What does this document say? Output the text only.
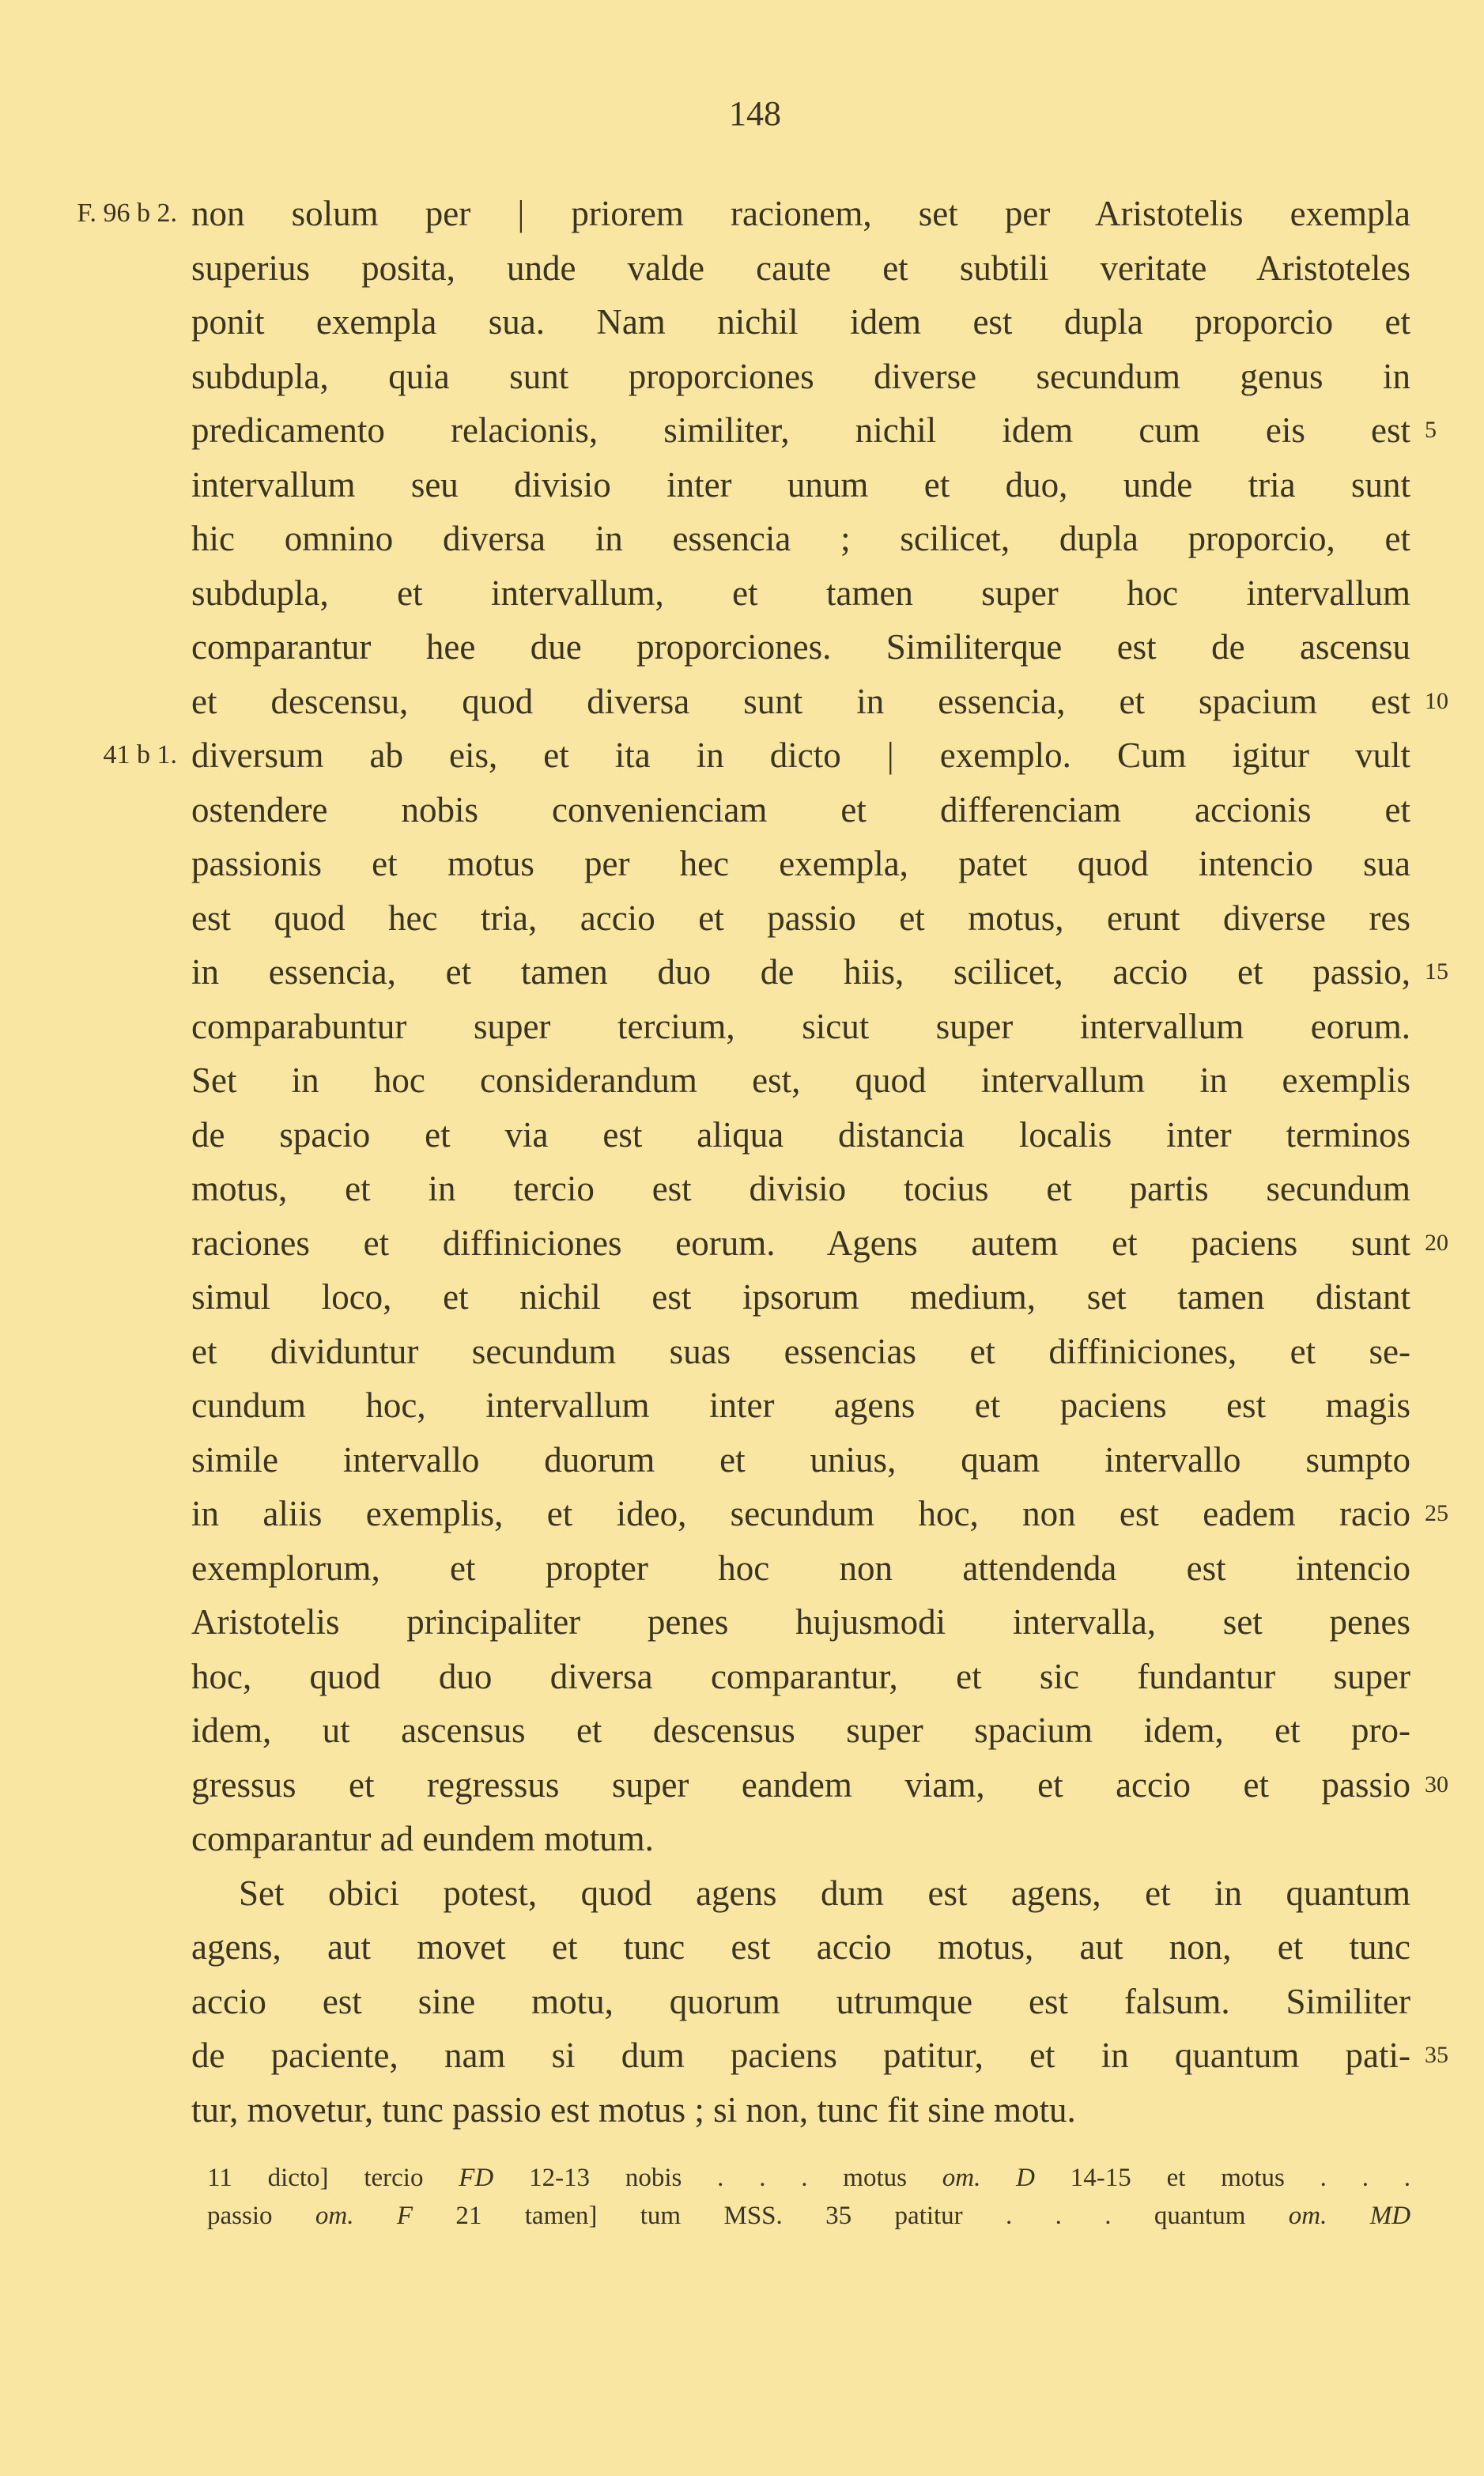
148
non solum per | priorem racionem, set per Aristotelis exempla
F. 96 b 2.
superius posita, unde valde caute et subtili veritate Aristoteles
ponit exempla sua. Nam nichil idem est dupla proporcio et
subdupla, quia sunt proporciones diverse secundum genus in
predicamento relacionis, similiter, nichil idem cum eis est 5
intervallum seu divisio inter unum et duo, unde tria sunt
hic omnino diversa in essencia ; scilicet, dupla proporcio, et
subdupla, et intervallum, et tamen super hoc intervallum
comparantur hee due proporciones. Similiterque est de ascensu
et descensu, quod diversa sunt in essencia, et spacium est 10
diversum ab eis, et ita in dicto | exemplo. Cum igitur vult
41 b 1.
ostendere nobis convenienciam et differenciam accionis et
passionis et motus per hec exempla, patet quod intencio sua
est quod hec tria, accio et passio et motus, erunt diverse res
in essencia, et tamen duo de hiis, scilicet, accio et passio, 15
comparabuntur super tercium, sicut super intervallum eorum.
Set in hoc considerandum est, quod intervallum in exemplis
de spacio et via est aliqua distancia localis inter terminos
motus, et in tercio est divisio tocius et partis secundum
raciones et diffiniciones eorum. Agens autem et paciens sunt 20
simul loco, et nichil est ipsorum medium, set tamen distant
et dividuntur secundum suas essencias et diffiniciones, et se-
cundum hoc, intervallum inter agens et paciens est magis
simile intervallo duorum et unius, quam intervallo sumpto
in aliis exemplis, et ideo, secundum hoc, non est eadem racio 25
exemplorum, et propter hoc non attendenda est intencio
Aristotelis principaliter penes hujusmodi intervalla, set penes
hoc, quod duo diversa comparantur, et sic fundantur super
idem, ut ascensus et descensus super spacium idem, et pro-
gressus et regressus super eandem viam, et accio et passio 30
comparantur ad eundem motum.
Set obici potest, quod agens dum est agens, et in quantum
agens, aut movet et tunc est accio motus, aut non, et tunc
accio est sine motu, quorum utrumque est falsum. Similiter
de paciente, nam si dum paciens patitur, et in quantum pati- 35
tur, movetur, tunc passio est motus ; si non, tunc fit sine motu.
11 dicto] tercio FD 12-13 nobis . . . motus om. D 14-15 et motus . . .
passio om. F 21 tamen] tum MSS. 35 patitur . . . quantum om. MD
